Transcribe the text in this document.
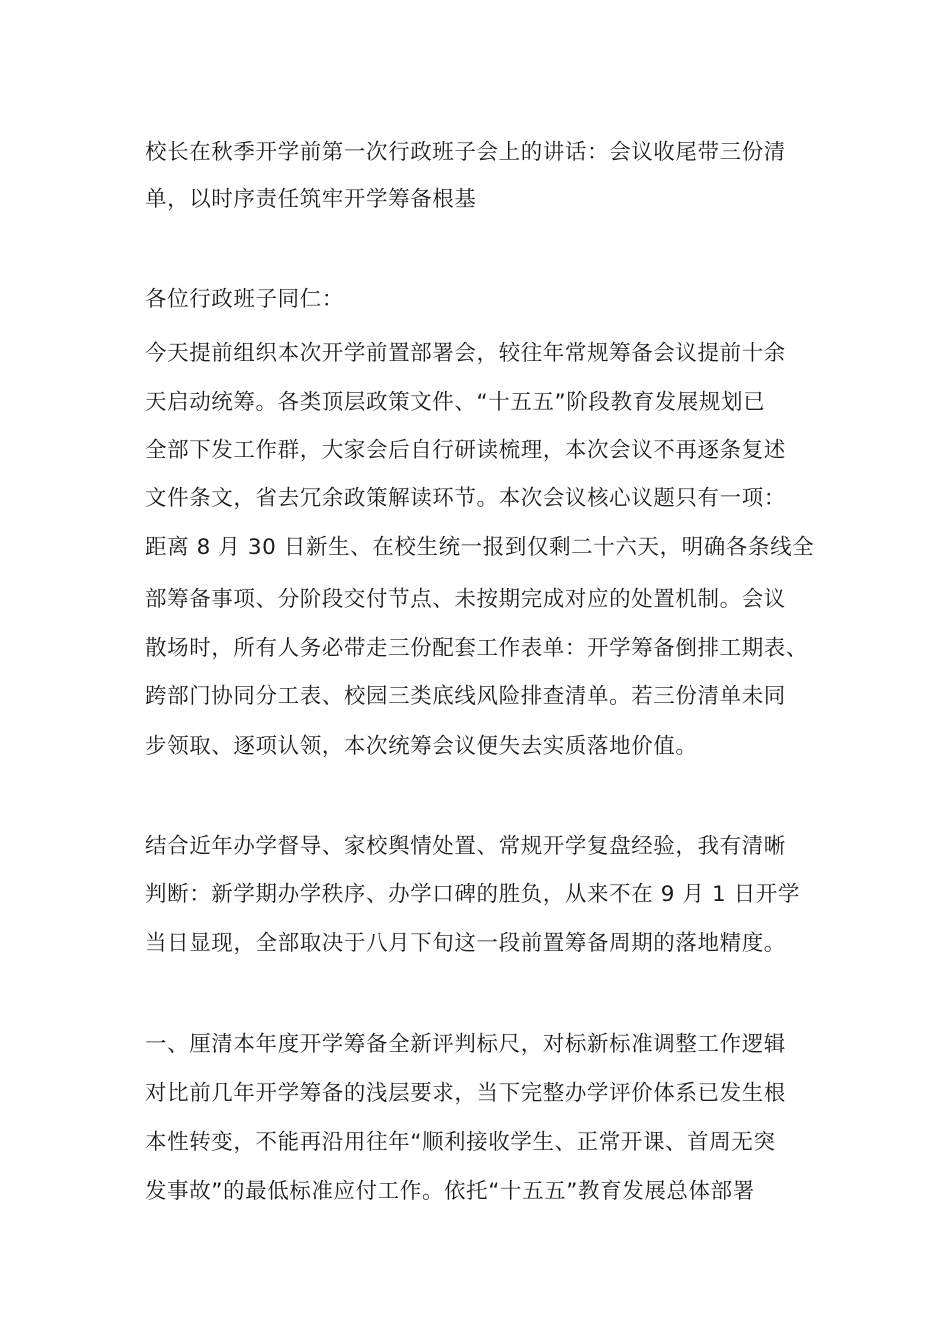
校长在秋季开学前第一次行政班子会上的讲话：会议收尾带三份清
单，以时序责任筑牢开学筹备根基
各位行政班子同仁：
今天提前组织本次开学前置部署会，较往年常规筹备会议提前十余
天启动统筹。各类顶层政策文件、“十五五”阶段教育发展规划已
全部下发工作群，大家会后自行研读梳理，本次会议不再逐条复述
文件条文，省去冗余政策解读环节。本次会议核心议题只有一项：
距离 8 月 30 日新生、在校生统一报到仅剩二十六天，明确各条线全
部筹备事项、分阶段交付节点、未按期完成对应的处置机制。会议
散场时，所有人务必带走三份配套工作表单：开学筹备倒排工期表、
跨部门协同分工表、校园三类底线风险排查清单。若三份清单未同
步领取、逐项认领，本次统筹会议便失去实质落地价值。
结合近年办学督导、家校舆情处置、常规开学复盘经验，我有清晰
判断：新学期办学秩序、办学口碑的胜负，从来不在 9 月 1 日开学
当日显现，全部取决于八月下旬这一段前置筹备周期的落地精度。
一、厘清本年度开学筹备全新评判标尺，对标新标准调整工作逻辑
对比前几年开学筹备的浅层要求，当下完整办学评价体系已发生根
本性转变，不能再沿用往年“顺利接收学生、正常开课、首周无突
发事故”的最低标准应付工作。依托“十五五”教育发展总体部署
